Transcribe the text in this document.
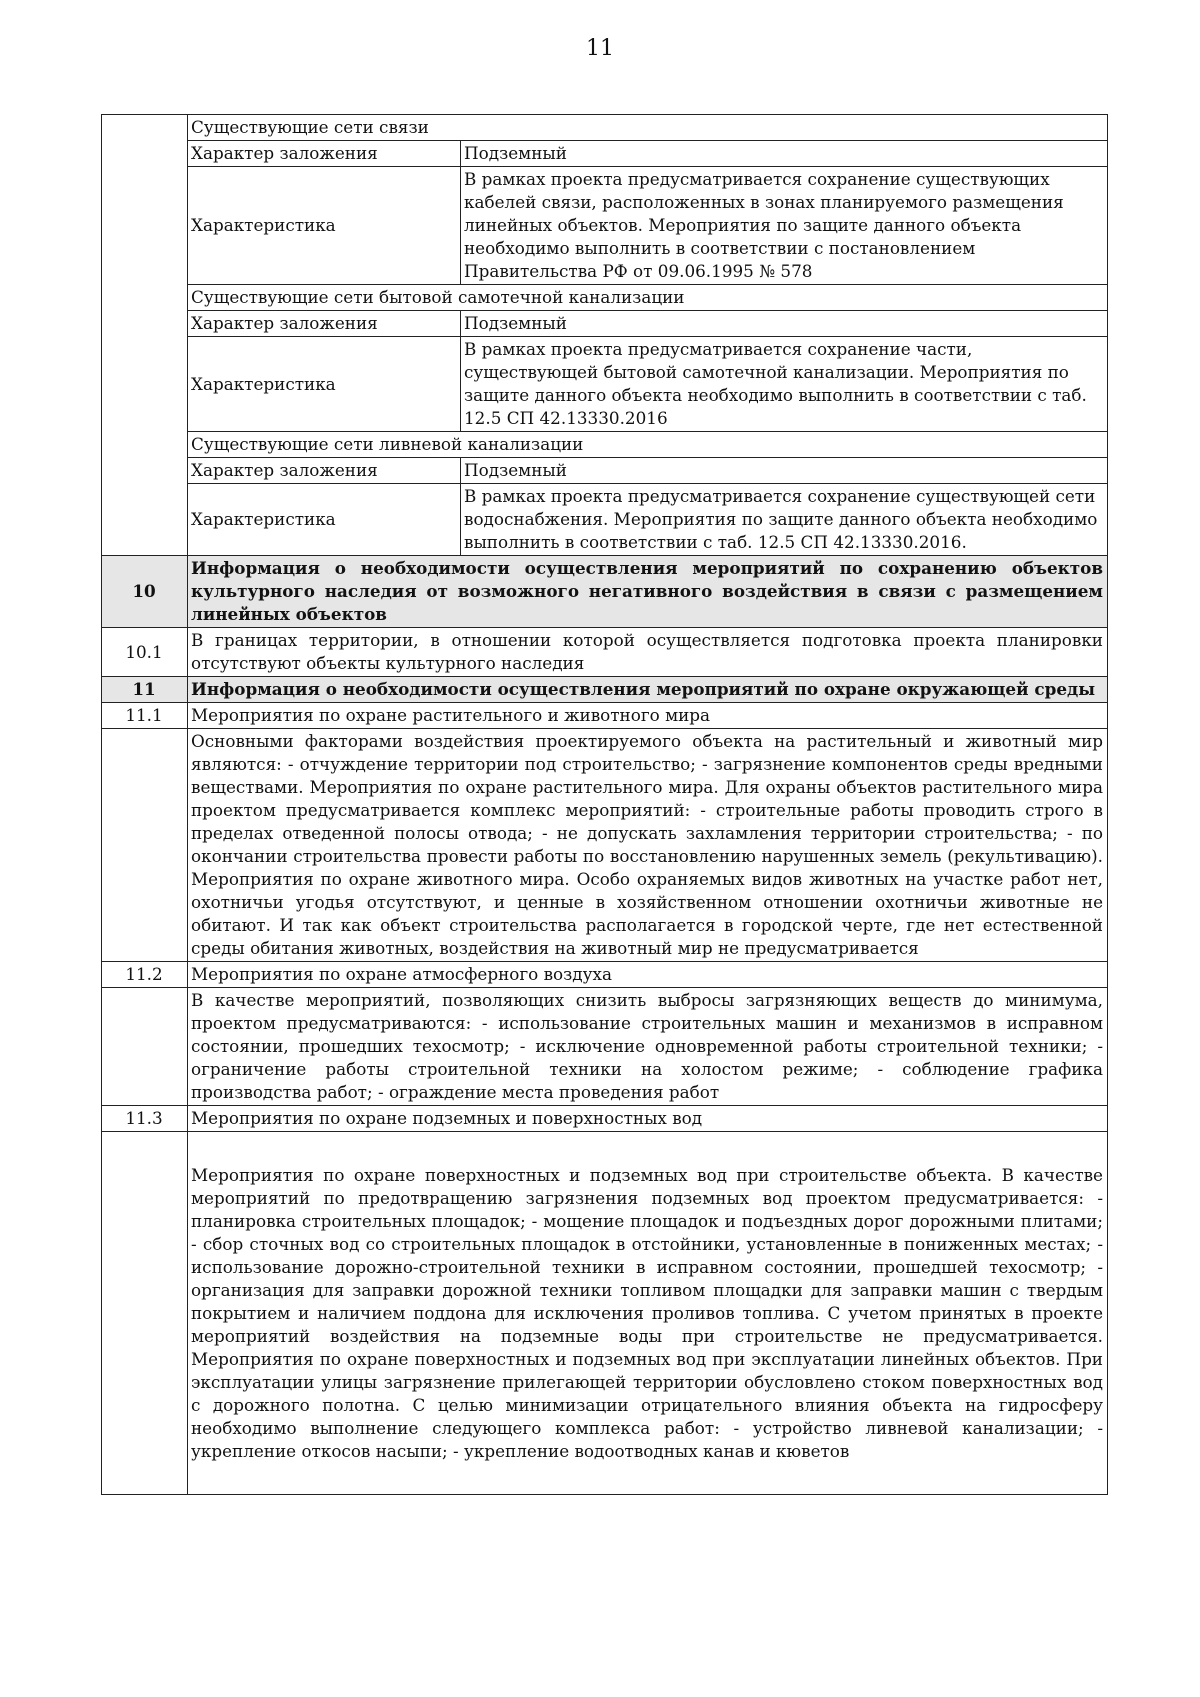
11
	Существующие сети связи	
	Характер заложения	Подземный
	Характеристика	В рамках проекта предусматривается сохранение существующих кабелей связи, расположенных в зонах планируемого размещения линейных объектов. Мероприятия по защите данного объекта необходимо выполнить в соответствии с постановлением Правительства РФ от 09.06.1995 № 578
	Существующие сети бытовой самотечной канализации	
	Характер заложения	Подземный
	Характеристика	В рамках проекта предусматривается сохранение части, существующей бытовой самотечной канализации. Мероприятия по защите данного объекта необходимо выполнить в соответствии с таб. 12.5 СП 42.13330.2016
	Существующие сети ливневой канализации	
	Характер заложения	Подземный
	Характеристика	В рамках проекта предусматривается сохранение существующей сети водоснабжения. Мероприятия по защите данного объекта необходимо выполнить в соответствии с таб. 12.5 СП 42.13330.2016.
10	Информация о необходимости осуществления мероприятий по сохранению объектов культурного наследия от возможного негативного воздействия в связи с размещением линейных объектов	

10.1	В границах территории, в отношении которой осуществляется подготовка проекта планировки отсутствуют объекты культурного наследия	

11	Информация о необходимости осуществления мероприятий по охране окружающей среды	
11.1	Мероприятия по охране растительного и животного мира	

	Основными факторами воздействия проектируемого объекта на растительный и животный мир являются: - отчуждение территории под строительство; - загрязнение компонентов среды вредными веществами. Мероприятия по охране растительного мира. Для охраны объектов растительного мира проектом предусматривается комплекс мероприятий: - строительные работы проводить строго в пределах отведенной полосы отвода; - не допускать захламления территории строительства; - по окончании строительства провести работы по восстановлению нарушенных земель (рекультивацию). Мероприятия по охране животного мира. Особо охраняемых видов животных на участке работ нет, охотничьи угодья отсутствуют, и ценные в хозяйственном отношении охотничьи животные не обитают. И так как объект строительства располагается в городской черте, где нет естественной среды обитания животных, воздействия на животный мир не предусматривается	

11.2	Мероприятия по охране атмосферного воздуха	

	В качестве мероприятий, позволяющих снизить выбросы загрязняющих веществ до минимума, проектом предусматриваются: - использование строительных машин и механизмов в исправном состоянии, прошедших техосмотр; - исключение одновременной работы строительной техники; - ограничение работы строительной техники на холостом режиме; - соблюдение графика производства работ; - ограждение места проведения работ	

11.3	Мероприятия по охране подземных и поверхностных вод	

	Мероприятия по охране поверхностных и подземных вод при строительстве объекта. В качестве мероприятий по предотвращению загрязнения подземных вод проектом предусматривается: - планировка строительных площадок; - мощение площадок и подъездных дорог дорожными плитами; - сбор сточных вод со строительных площадок в отстойники, установленные в пониженных местах; - использование дорожно-строительной техники в исправном состоянии, прошедшей техосмотр; - организация для заправки дорожной техники топливом площадки для заправки машин с твердым покрытием и наличием поддона для исключения проливов топлива. С учетом принятых в проекте мероприятий воздействия на подземные воды при строительстве не предусматривается. Мероприятия по охране поверхностных и подземных вод при эксплуатации линейных объектов. При эксплуатации улицы загрязнение прилегающей территории обусловлено стоком поверхностных вод с дорожного полотна. С целью минимизации отрицательного влияния объекта на гидросферу необходимо выполнение следующего комплекса работ: - устройство ливневой канализации; - укрепление откосов насыпи; - укрепление водоотводных канав и кюветов	
